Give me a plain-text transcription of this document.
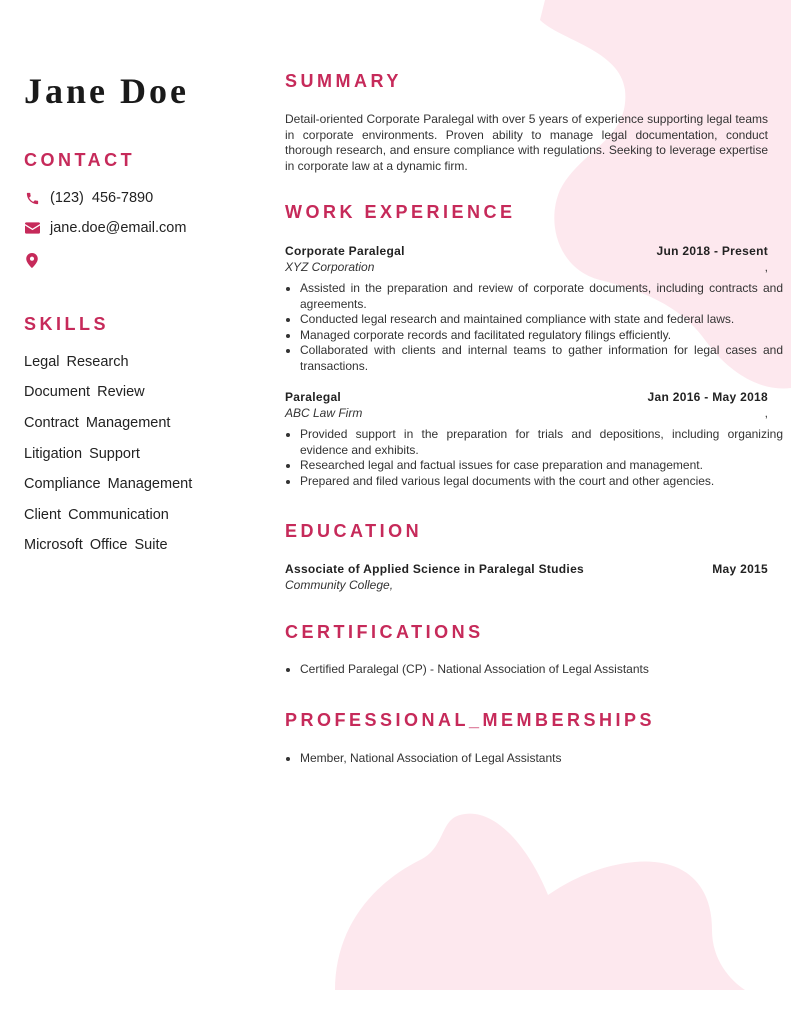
Jane Doe
CONTACT
(123)  456-7890
jane.doe@email.com
SKILLS
Legal Research
Document Review
Contract Management
Litigation Support
Compliance Management
Client Communication
Microsoft Office Suite
SUMMARY
Detail-oriented Corporate Paralegal with over 5 years of experience supporting legal teams in corporate environments. Proven ability to manage legal documentation, conduct thorough research, and ensure compliance with regulations. Seeking to leverage expertise in corporate law at a dynamic firm.
WORK EXPERIENCE
Corporate Paralegal	Jun 2018 - Present
XYZ Corporation	,
• Assisted in the preparation and review of corporate documents, including contracts and agreements.
• Conducted legal research and maintained compliance with state and federal laws.
• Managed corporate records and facilitated regulatory filings efficiently.
• Collaborated with clients and internal teams to gather information for legal cases and transactions.
Paralegal	Jan 2016 - May 2018
ABC Law Firm	,
• Provided support in the preparation for trials and depositions, including organizing evidence and exhibits.
• Researched legal and factual issues for case preparation and management.
• Prepared and filed various legal documents with the court and other agencies.
EDUCATION
Associate of Applied Science in Paralegal Studies	May 2015
Community College,
CERTIFICATIONS
• Certified Paralegal (CP) - National Association of Legal Assistants
PROFESSIONAL_MEMBERSHIPS
• Member, National Association of Legal Assistants
